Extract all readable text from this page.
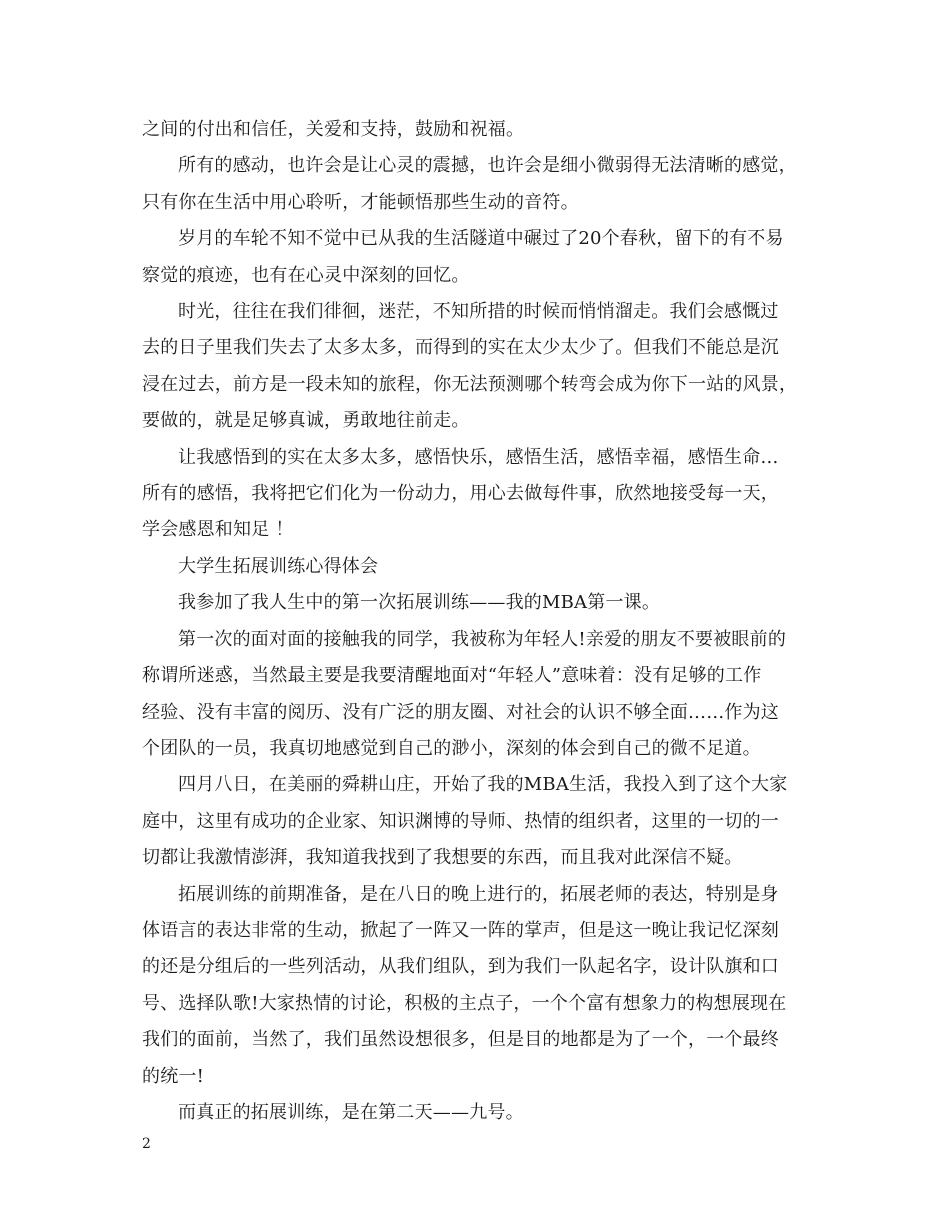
之间的付出和信任，关爱和支持，鼓励和祝福。

所有的感动，也许会是让心灵的震撼，也许会是细小微弱得无法清晰的感觉，
只有你在生活中用心聆听，才能顿悟那些生动的音符。

岁月的车轮不知不觉中已从我的生活隧道中碾过了20个春秋，留下的有不易
察觉的痕迹，也有在心灵中深刻的回忆。

时光，往往在我们徘徊，迷茫，不知所措的时候而悄悄溜走。我们会感慨过
去的日子里我们失去了太多太多，而得到的实在太少太少了。但我们不能总是沉
浸在过去，前方是一段未知的旅程，你无法预测哪个转弯会成为你下一站的风景，
要做的，就是足够真诚，勇敢地往前走。

让我感悟到的实在太多太多，感悟快乐，感悟生活，感悟幸福，感悟生命…
所有的感悟，我将把它们化为一份动力，用心去做每件事，欣然地接受每一天，
学会感恩和知足 ！

大学生拓展训练心得体会

我参加了我人生中的第一次拓展训练——我的MBA第一课。

第一次的面对面的接触我的同学，我被称为年轻人!亲爱的朋友不要被眼前的
称谓所迷惑，当然最主要是我要清醒地面对“年轻人”意味着：没有足够的工作
经验、没有丰富的阅历、没有广泛的朋友圈、对社会的认识不够全面……作为这
个团队的一员，我真切地感觉到自己的渺小，深刻的体会到自己的微不足道。

四月八日，在美丽的舜耕山庄，开始了我的MBA生活，我投入到了这个大家
庭中，这里有成功的企业家、知识渊博的导师、热情的组织者，这里的一切的一
切都让我激情澎湃，我知道我找到了我想要的东西，而且我对此深信不疑。

拓展训练的前期准备，是在八日的晚上进行的，拓展老师的表达，特别是身
体语言的表达非常的生动，掀起了一阵又一阵的掌声，但是这一晚让我记忆深刻
的还是分组后的一些列活动，从我们组队，到为我们一队起名字，设计队旗和口
号、选择队歌!大家热情的讨论，积极的主点子，一个个富有想象力的构想展现在
我们的面前，当然了，我们虽然设想很多，但是目的地都是为了一个，一个最终
的统一!

而真正的拓展训练，是在第二天——九号。

2
